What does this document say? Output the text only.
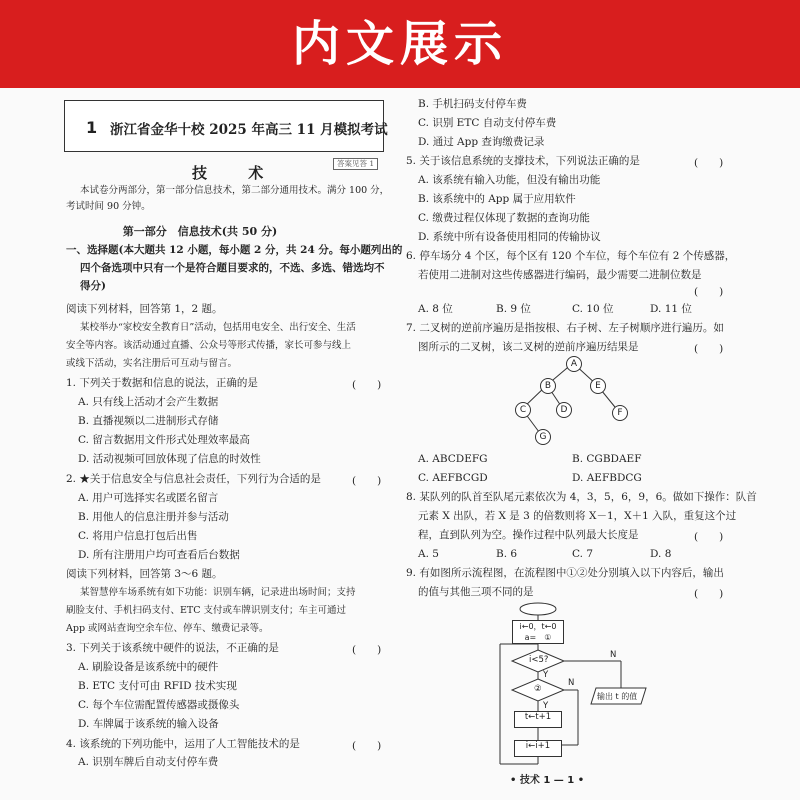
内文展示
1 浙江省金华十校 2025 年高三 11 月模拟考试
答案见答 1
技 术
本试卷分两部分，第一部分信息技术，第二部分通用技术。满分 100 分，
考试时间 90 分钟。
第一部分　信息技术(共 50 分)
一、选择题(本大题共 12 小题，每小题 2 分，共 24 分。每小题列出的
四个备选项中只有一个是符合题目要求的，不选、多选、错选均不
得分)
阅读下列材料，回答第 1，2 题。
某校举办“家校安全教育日”活动，包括用电安全、出行安全、生活
安全等内容。该活动通过直播、公众号等形式传播，家长可参与线上
或线下活动，实名注册后可互动与留言。
1. 下列关于数据和信息的说法，正确的是	(　　)
A. 只有线上活动才会产生数据
B. 直播视频以二进制形式存储
C. 留言数据用文件形式处理效率最高
D. 活动视频可回放体现了信息的时效性
2. ★关于信息安全与信息社会责任，下列行为合适的是	(　　)
A. 用户可选择实名或匿名留言
B. 用他人的信息注册并参与活动
C. 将用户信息打包后出售
D. 所有注册用户均可查看后台数据
阅读下列材料，回答第 3～6 题。
某智慧停车场系统有如下功能：识别车辆，记录进出场时间；支持
刷脸支付、手机扫码支付、ETC 支付或车牌识别支付；车主可通过
App 或网站查询空余车位、停车、缴费记录等。
3. 下列关于该系统中硬件的说法，不正确的是	(　　)
A. 刷脸设备是该系统中的硬件
B. ETC 支付可由 RFID 技术实现
C. 每个车位需配置传感器或摄像头
D. 车牌属于该系统的输入设备
4. 该系统的下列功能中，运用了人工智能技术的是	(　　)
A. 识别车牌后自动支付停车费
B. 手机扫码支付停车费
C. 识别 ETC 自动支付停车费
D. 通过 App 查询缴费记录
5. 关于该信息系统的支撑技术，下列说法正确的是	(　　)
A. 该系统有输入功能，但没有输出功能
B. 该系统中的 App 属于应用软件
C. 缴费过程仅体现了数据的查询功能
D. 系统中所有设备使用相同的传输协议
6. 停车场分 4 个区，每个区有 120 个车位，每个车位有 2 个传感器，
若使用二进制对这些传感器进行编码，最少需要二进制位数是
(　　)
A. 8 位	B. 9 位	C. 10 位	D. 11 位
7. 二叉树的逆前序遍历是指按根、右子树、左子树顺序进行遍历。如
图所示的二叉树，该二叉树的逆前序遍历结果是	(　　)
A
B	E
C	D	F
G
A. ABCDEFG	B. CGBDAEF
C. AEFBCGD	D. AEFBDCG
8. 某队列的队首至队尾元素依次为 4，3，5，6，9，6。做如下操作：队首
元素 X 出队，若 X 是 3 的倍数则将 X－1，X＋1 入队，重复这个过
程，直到队列为空。操作过程中队列最大长度是	(　　)
A. 5	B. 6	C. 7	D. 8
9. 有如图所示流程图，在流程图中①②处分别填入以下内容后，输出
的值与其他三项不同的是	(　　)
i←0，t←0
a=　①
i<5?
②
N
N
Y
Y
t←t+1
i←i+1
输出 t 的值
• 技术 1 — 1 •
